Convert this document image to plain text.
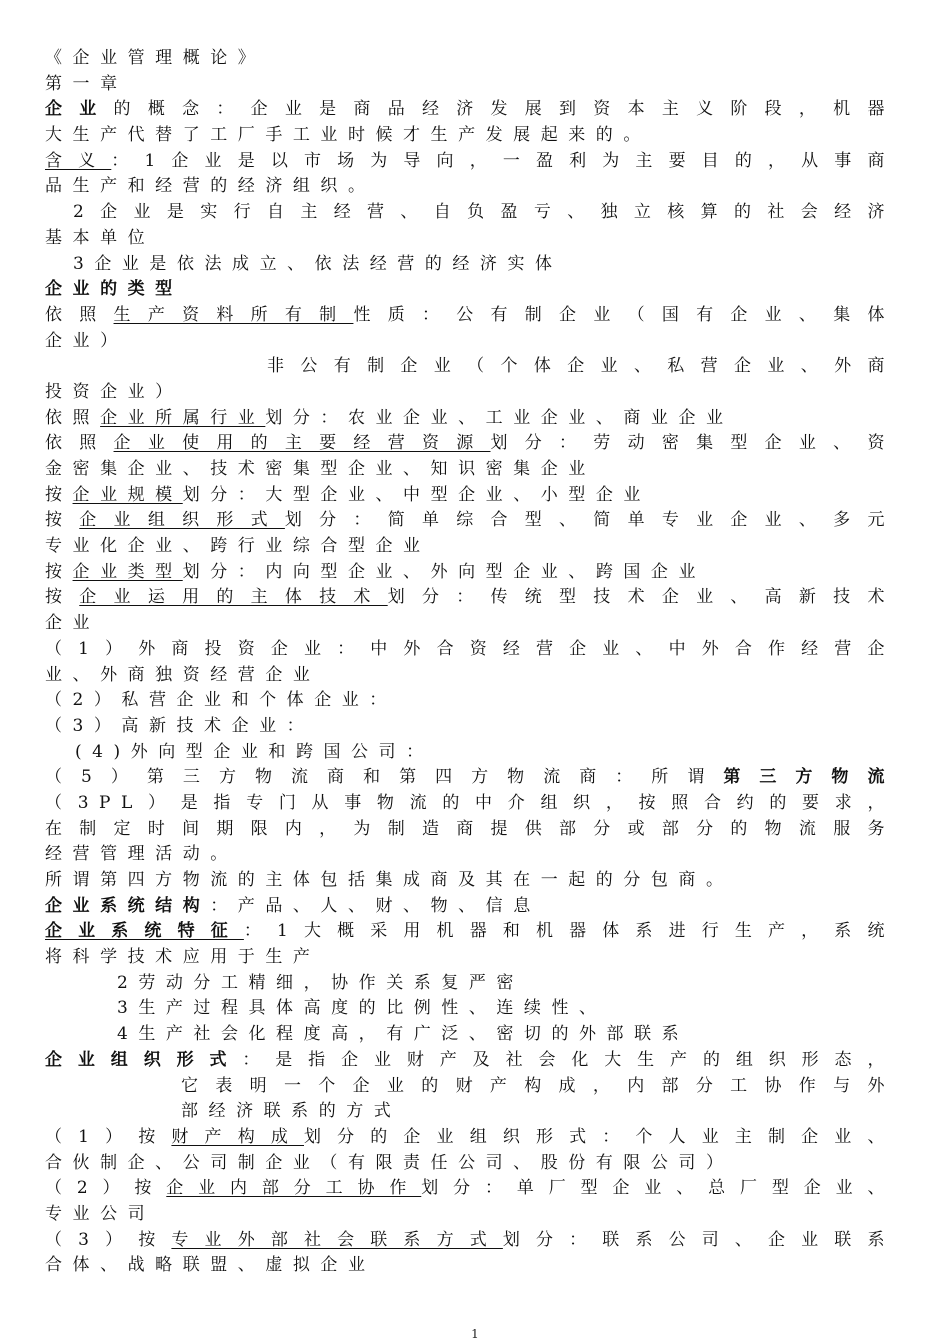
《企业管理概论》
第一章
企业的概念：企业是商品经济发展到资本主义阶段，机器
大生产代替了工厂手工业时候才生产发展起来的。
含义：1企业是以市场为导向，一盈利为主要目的，从事商
品生产和经营的经济组织。
2企业是实行自主经营、自负盈亏、独立核算的社会经济
基本单位
3企业是依法成立、依法经营的经济实体
企业的类型
依照生产资料所有制性质：公有制企业（国有企业、集体
企业）
非公有制企业（个体企业、私营企业、外商
投资企业）
依照企业所属行业划分：农业企业、工业企业、商业企业
依照企业使用的主要经营资源划分：劳动密集型企业、资
金密集企业、技术密集型企业、知识密集企业
按企业规模划分：大型企业、中型企业、小型企业
按企业组织形式划分：简单综合型、简单专业企业、多元
专业化企业、跨行业综合型企业
按企业类型划分：内向型企业、外向型企业、跨国企业
按企业运用的主体技术划分：传统型技术企业、高新技术
企业
（1）外商投资企业：中外合资经营企业、中外合作经营企
业、外商独资经营企业
（2）私营企业和个体企业：
（3）高新技术企业：
(4)外向型企业和跨国公司：
（5）第三方物流商和第四方物流商：所谓第三方物流
（3PL）是指专门从事物流的中介组织，按照合约的要求，
在制定时间期限内，为制造商提供部分或部分的物流服务
经营管理活动。
所谓第四方物流的主体包括集成商及其在一起的分包商。
企业系统结构：产品、人、财、物、信息
企业系统特征：1大概采用机器和机器体系进行生产，系统
将科学技术应用于生产
2劳动分工精细，协作关系复严密
3生产过程具体高度的比例性、连续性、
4生产社会化程度高，有广泛、密切的外部联系
企业组织形式：是指企业财产及社会化大生产的组织形态，
它表明一个企业的财产构成，内部分工协作与外
部经济联系的方式
（1）按财产构成划分的企业组织形式：个人业主制企业、
合伙制企、公司制企业（有限责任公司、股份有限公司）
（2）按企业内部分工协作划分：单厂型企业、总厂型企业、
专业公司
（3）按专业外部社会联系方式划分：联系公司、企业联系
合体、战略联盟、虚拟企业
1
